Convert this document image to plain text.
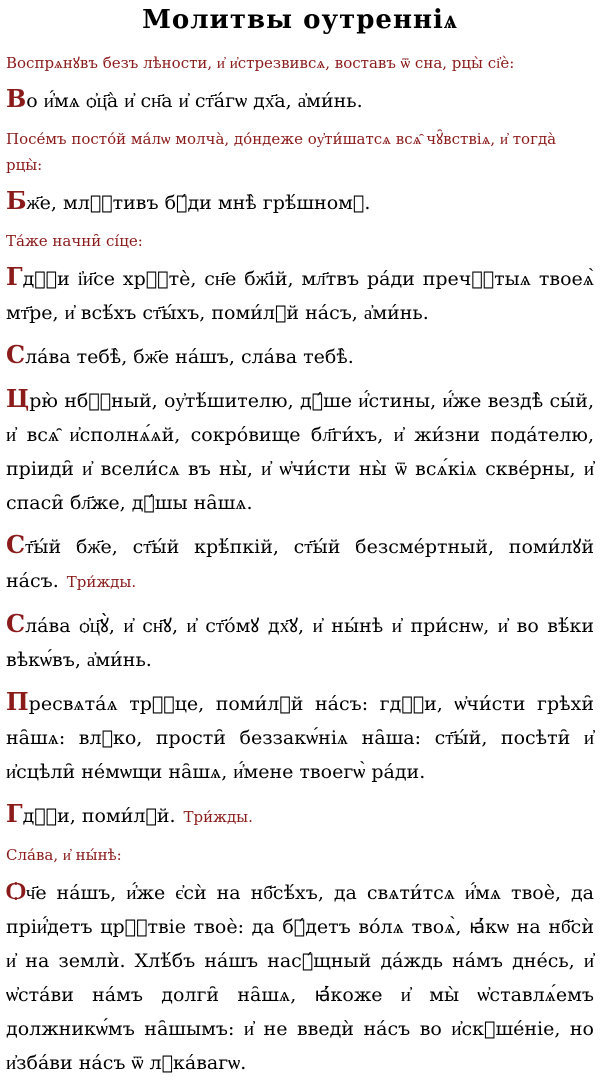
Молитвы оутренніѧ
Воспрѧнꙋвъ безъ лѣности, и҆ и҆стрезвивсѧ, воставъ ѿ сна, рцы̀ сі҆ѐ:
Во и҆́мѧ ѻ҆ц҃а̀ и҆ сн҃а и҆ ст҃а́гѡ дх҃а, а҆ми́нь.
Посе́мъ посто́й ма́лѡ молча̀, до́ндеже оу҆ти́шатсѧ всѧ̑ чꙋ̑вствіѧ, и҆ тогда̀ рцы̀:
Бж҃е, млⷭ҇тивъ бꙋ́ди мнѣ̀ грѣ́шномꙋ.
Та́же начни̑ сі́це:
Гдⷭ҇и і҆и҃се хрⷭ҇тѐ, сн҃е бж҃ій, мл҃твъ ра́ди пречⷭ҇тыѧ твоеѧ̀ мт҃ре, и҆ всѣ́хъ ст҃ы́хъ, поми́лꙋй на́съ, а҆ми́нь.
Сла́ва тебѣ̀, бж҃е на́шъ, сла́ва тебѣ̀.
Црю̀ нбⷭ҇ный, оу҆тѣ́шителю, дꙋ́ше и҆́стины, и҆́же вездѣ̀ сы́й, и҆ всѧ̑ и҆сполнѧ́ѧй, сокро́вище бл҃ги́хъ, и҆ жи́зни пода́телю, пріиди̑ и҆ всели́сѧ въ ны̀, и҆ ѡ҆чи́сти ны̀ ѿ всѧ́кіѧ скве́рны, и҆ спаси̑ бл҃же, дꙋ́шы на̑шѧ.
Ст҃ы́й бж҃е, ст҃ы́й крѣ́пкій, ст҃ы́й безсме́ртный, поми́лꙋй на́съ. Три́жды.
Сла́ва ѻ҆ц҃ꙋ̀, и҆ сн҃ꙋ, и҆ ст҃о́мꙋ дх҃ꙋ, и҆ ны́нѣ и҆ при́снѡ, и҆ во вѣ́ки вѣкѡ́въ, а҆ми́нь.
Пресвѧта́ѧ трⷪ҇це, поми́лꙋй на́съ: гдⷭ҇и, ѡ҆чи́сти грѣхи̑ на̑шѧ: влⷣко, прости̑ беззакѡ́ніѧ на̑ша: ст҃ы́й, посѣти̑ и҆ и҆сцѣли̑ не́мѡщи на̑шѧ, и҆́мене твоегѡ̀ ра́ди.
Гдⷭ҇и, поми́лꙋй. Три́жды.
Сла́ва, и҆ ны́нѣ:
Ѻч҃е на́шъ, и҆́же є҆сѝ на нб҃сѣ́хъ, да свѧти́тсѧ и҆́мѧ твоѐ, да пріи҆́детъ црⷭ҇твіе твоѐ: да бꙋ́детъ во́лѧ твоѧ̀, ꙗ҆́кѡ на нб҃сѝ и҆ на землѝ. Хлѣ́бъ на́шъ насꙋ́щный да́ждь на́мъ дне́сь, и҆ ѡ҆ста́ви на́мъ долги̑ на̑шѧ, ꙗ҆́коже и҆ мы̀ ѡ҆ставлѧ́емъ должникѡ́мъ на̑шымъ: и҆ не введѝ на́съ во и҆скꙋше́ніе, но и҆зба́ви на́съ ѿ лꙋка́вагѡ.
